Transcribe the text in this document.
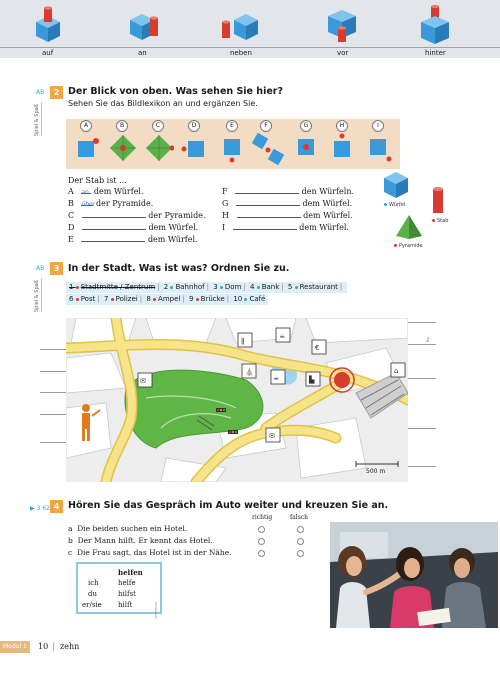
auf	an	neben	vor	hinter
AB
Spiel & Spaß
2 Der Blick von oben. Was sehen Sie hier?
Sehen Sie das Bildlexikon an und ergänzen Sie.
A	B	C	D	E	F	G	H	I
Der Stab ist ...
A an dem Würfel.
B über der Pyramide.
C	der Pyramide.
D	dem Würfel.
E	dem Würfel.
F	den Würfeln.
G	dem Würfel.
H	dem Würfel.
I	dem Würfel.
Würfel
Stab
Pyramide
AB
Spiel & Spaß
3 In der Stadt. Was ist was? Ordnen Sie zu.
1 Stadtmitte / Zentrum | 2 Bahnhof | 3 Dom | 4 Bank | 5 Restaurant |
6 Post | 7 Polizei | 8 Ampel | 9 Brücke | 10 Café
1
ǁ
☕
€
✉
⛪
☕	▙
⌂
✉
500 m
▶ 3 62 4 Hören Sie das Gespräch im Auto weiter und kreuzen Sie an.
richtig	falsch
a Die beiden suchen ein Hotel.
b Der Mann hilft. Er kennt das Hotel.
c Die Frau sagt, das Hotel ist in der Nähe.
helfen
ich	helfe
du	hilfst
er/sie hilft	Grammatik
Modul 1	10 | zehn
